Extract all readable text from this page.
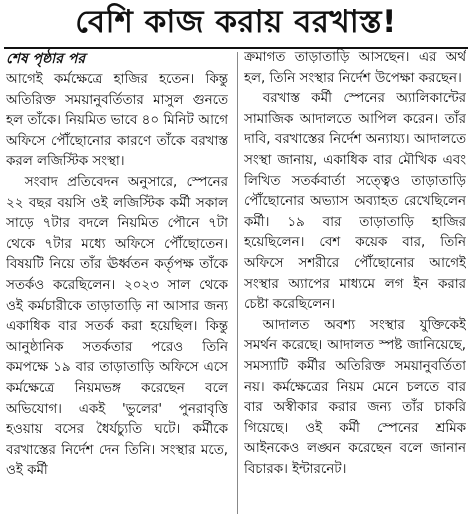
বেশি কাজ করায় বরখাস্ত!
শেষ পৃষ্ঠার পর

আগেই কর্মক্ষেত্রে হাজির হতেন। কিন্তু অতিরিক্ত সময়ানুবর্তিতার মাসুল গুনতে হল তাঁকে। নিয়মিত ভাবে ৪০ মিনিট আগে অফিসে পৌঁছোনোর কারণে তাঁকে বরখাস্ত করল লজিস্টিক সংস্থা।

সংবাদ প্রতিবেদন অনুসারে, স্পেনের ২২ বছর বয়সি ওই লজিস্টিক কর্মী সকাল সাড়ে ৭টার বদলে নিয়মিত পৌনে ৭টা থেকে ৭টার মধ্যে অফিসে পৌঁছোতেন। বিষয়টি নিয়ে তাঁর ঊর্ধ্বতন কর্তৃপক্ষ তাঁকে সতর্কও করেছিলেন। ২০২৩ সাল থেকে ওই কর্মচারীকে তাড়াতাড়ি না আসার জন্য একাধিক বার সতর্ক করা হয়েছিল। কিন্তু আনুষ্ঠানিক সতর্কতার পরেও তিনি কমপক্ষে ১৯ বার তাড়াতাড়ি অফিসে এসে কর্মক্ষেত্রে নিয়মভঙ্গ করেছেন বলে অভিযোগ। একই 'ভুলের' পুনরাবৃত্তি হওয়ায় বসের ধৈর্যচ্যুতি ঘটে। কর্মীকে বরখাস্তের নির্দেশ দেন তিনি। সংস্থার মতে, ওই কর্মী

ক্রমাগত তাড়াতাড়ি আসছেন। এর অর্থ হল, তিনি সংস্থার নির্দেশ উপেক্ষা করছেন।

বরখাস্ত কর্মী স্পেনের অ্যালিকান্টের সামাজিক আদালতে আপিল করেন। তাঁর দাবি, বরখাস্তের নির্দেশ অন্যায্য। আদালতে সংস্থা জানায়, একাধিক বার মৌখিক এবং লিখিত সতর্কবার্তা সত্ত্বেও তাড়াতাড়ি পৌঁছোনোর অভ্যাস অব্যাহত রেখেছিলেন কর্মী। ১৯ বার তাড়াতাড়ি হাজির হয়েছিলেন। বেশ কয়েক বার, তিনি অফিসে সশরীরে পৌঁছোনোর আগেই সংস্থার অ্যাপের মাধ্যমে লগ ইন করার চেষ্টা করেছিলেন।

আদালত অবশ্য সংস্থার যুক্তিকেই সমর্থন করেছে। আদালত স্পষ্ট জানিয়েছে, সমস্যাটি কর্মীর অতিরিক্ত সময়ানুবর্তিতা নয়। কর্মক্ষেত্রের নিয়ম মেনে চলতে বার বার অস্বীকার করার জন্য তাঁর চাকরি গিয়েছে। ওই কর্মী স্পেনের শ্রমিক আইনকেও লঙ্ঘন করেছেন বলে জানান বিচারক। ইন্টারনেট।
